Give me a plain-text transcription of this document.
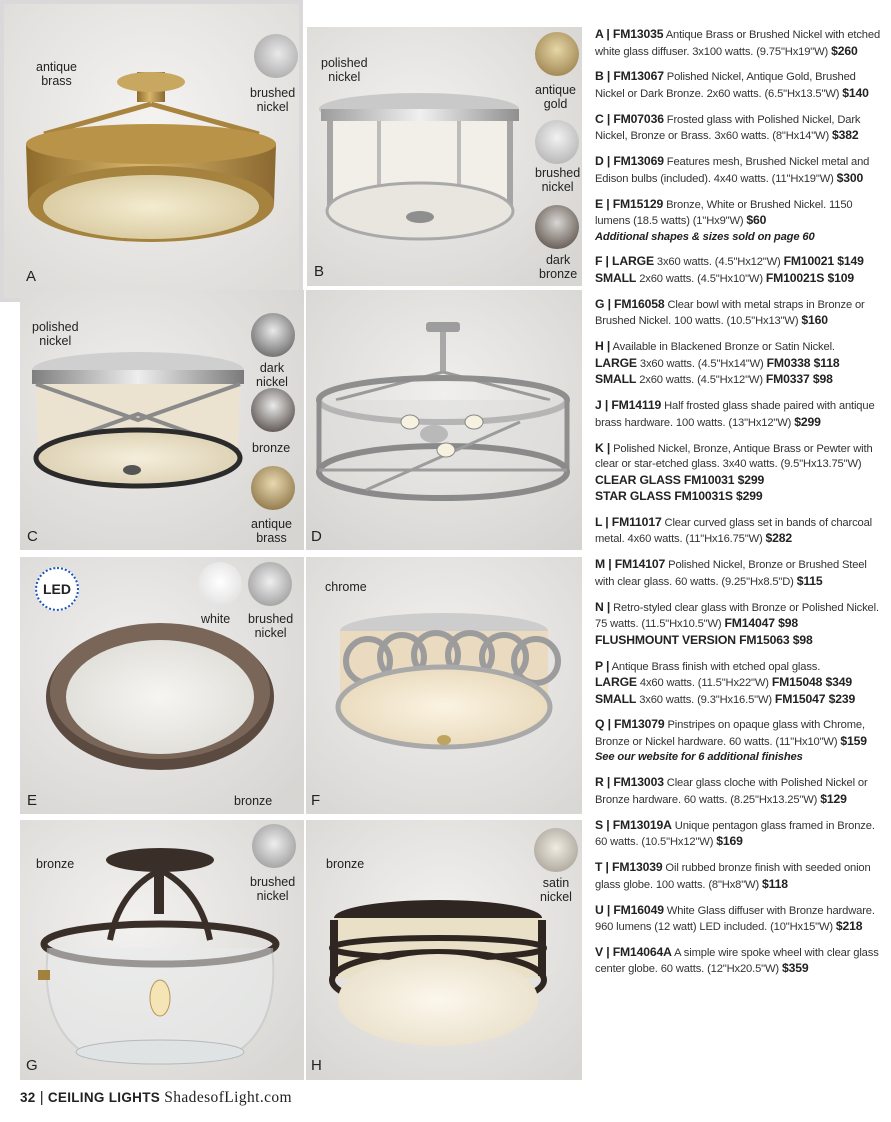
antique
brass
brushed
nickel
A
polished
nickel
antique
gold
brushed
nickel
dark
bronze
B
polished
nickel
dark
nickel
bronze
antique
brass
C	D
LED
white brushed
nickel
bronze
E
chrome
F
bronze
brushed
nickel
G
bronze
satin
nickel
H
A | FM13035 Antique Brass or Brushed Nickel with etched white glass diffuser. 3x100 watts. (9.75"Hx19"W) $260
B | FM13067 Polished Nickel, Antique Gold, Brushed Nickel or Dark Bronze. 2x60 watts. (6.5"Hx13.5"W) $140
C | FM07036 Frosted glass with Polished Nickel, Dark Nickel, Bronze or Brass. 3x60 watts. (8"Hx14"W) $382
D | FM13069 Features mesh, Brushed Nickel metal and Edison bulbs (included). 4x40 watts. (11"Hx19"W) $300
E | FM15129 Bronze, White or Brushed Nickel. 1150 lumens (18.5 watts) (1"Hx9"W) $60
Additional shapes & sizes sold on page 60
F | LARGE 3x60 watts. (4.5"Hx12"W) FM10021 $149
SMALL 2x60 watts. (4.5"Hx10"W) FM10021S $109
G | FM16058 Clear bowl with metal straps in Bronze or Brushed Nickel. 100 watts. (10.5"Hx13"W) $160
H | Available in Blackened Bronze or Satin Nickel.
LARGE 3x60 watts. (4.5"Hx14"W) FM0338 $118
SMALL 2x60 watts. (4.5"Hx12"W) FM0337 $98
J | FM14119 Half frosted glass shade paired with antique brass hardware. 100 watts. (13"Hx12"W) $299
K | Polished Nickel, Bronze, Antique Brass or Pewter with clear or star-etched glass. 3x40 watts. (9.5"Hx13.75"W)
CLEAR GLASS FM10031 $299
STAR GLASS FM10031S $299
L | FM11017 Clear curved glass set in bands of charcoal metal. 4x60 watts. (11"Hx16.75"W) $282
M | FM14107 Polished Nickel, Bronze or Brushed Steel with clear glass. 60 watts. (9.25"Hx8.5"D) $115
N | Retro-styled clear glass with Bronze or Polished Nickel. 75 watts. (11.5"Hx10.5"W) FM14047 $98
FLUSHMOUNT VERSION FM15063 $98
P | Antique Brass finish with etched opal glass.
LARGE 4x60 watts. (11.5"Hx22"W) FM15048 $349
SMALL 3x60 watts. (9.3"Hx16.5"W) FM15047 $239
Q | FM13079 Pinstripes on opaque glass with Chrome, Bronze or Nickel hardware. 60 watts. (11"Hx10"W) $159
See our website for 6 additional finishes
R | FM13003 Clear glass cloche with Polished Nickel or Bronze hardware. 60 watts. (8.25"Hx13.25"W) $129
S | FM13019A Unique pentagon glass framed in Bronze. 60 watts. (10.5"Hx12"W) $169
T | FM13039 Oil rubbed bronze finish with seeded onion glass globe. 100 watts. (8"Hx8"W) $118
U | FM16049 White Glass diffuser with Bronze hardware. 960 lumens (12 watt) LED included. (10"Hx15"W) $218
V | FM14064A A simple wire spoke wheel with clear glass center globe. 60 watts. (12"Hx20.5"W) $359
32 | CEILING LIGHTS ShadesofLight.com
